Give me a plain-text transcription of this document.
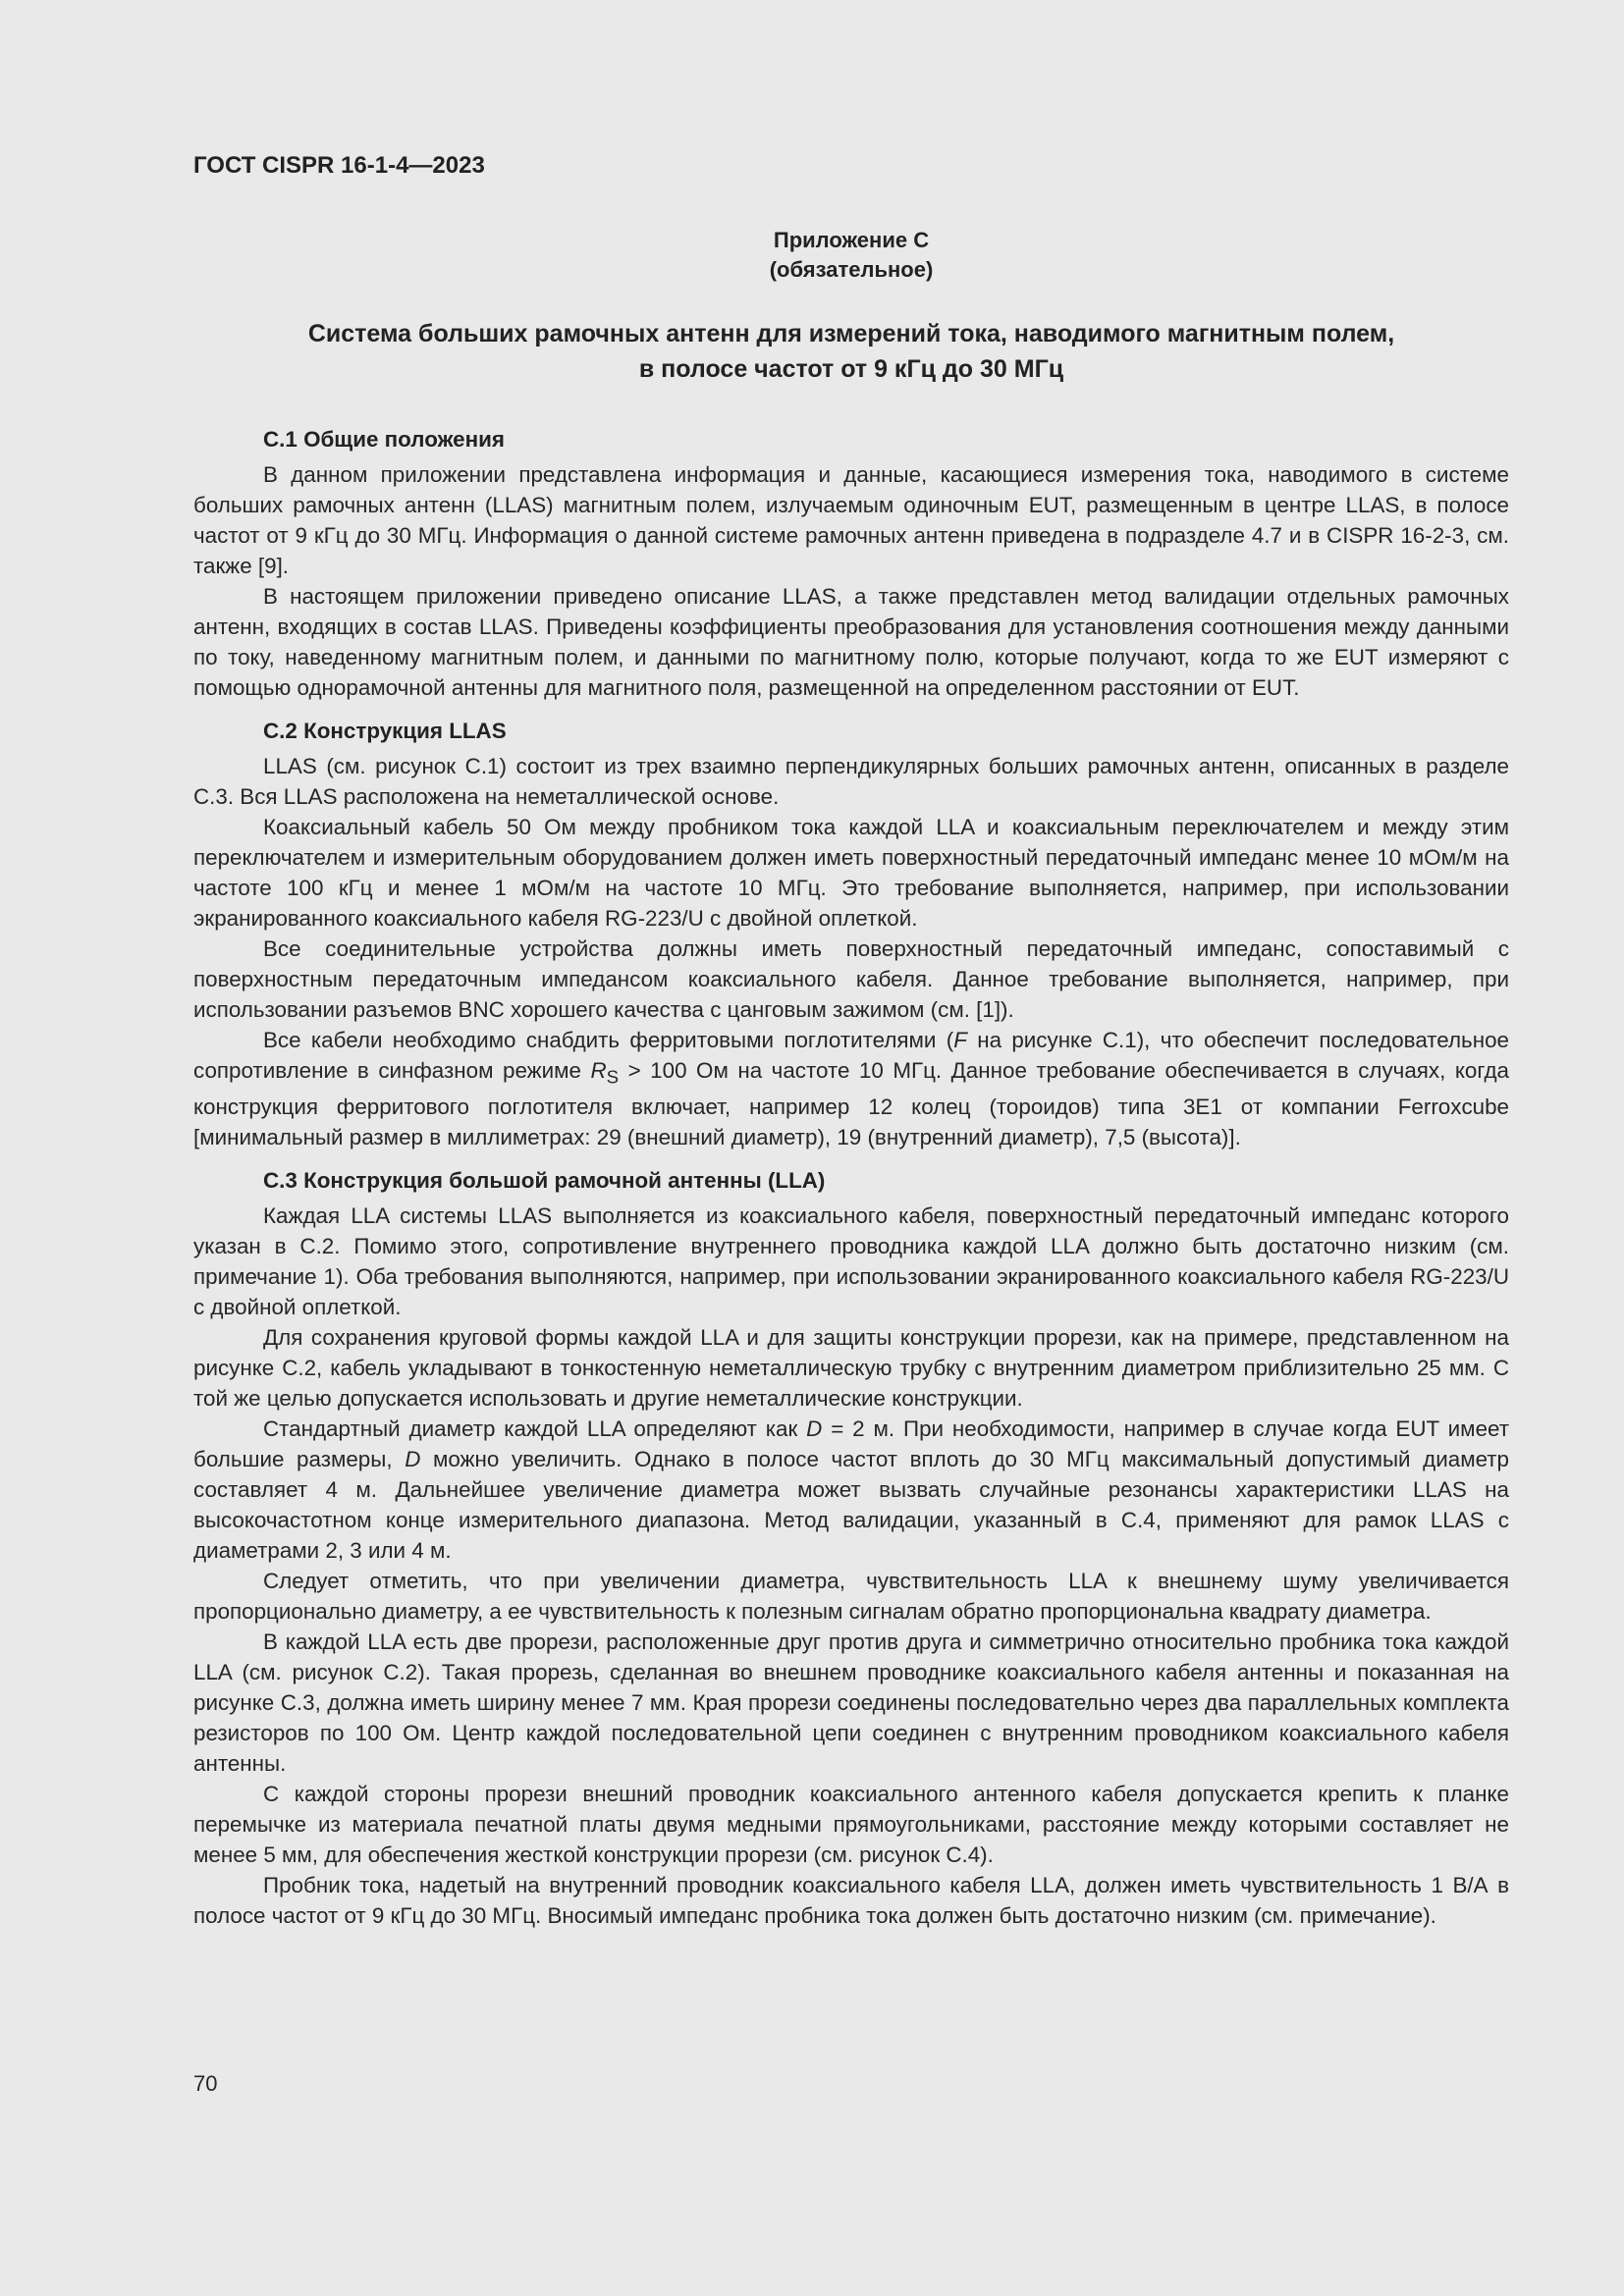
ГОСТ CISPR 16-1-4—2023
Приложение С
(обязательное)
Система больших рамочных антенн для измерений тока, наводимого магнитным полем,
в полосе частот от 9 кГц до 30 МГц
С.1 Общие положения

В данном приложении представлена информация и данные, касающиеся измерения тока, наводимого в системе больших рамочных антенн (LLAS) магнитным полем, излучаемым одиночным EUT, размещенным в центре LLAS, в полосе частот от 9 кГц до 30 МГц. Информация о данной системе рамочных антенн приведена в подразделе 4.7 и в CISPR 16-2-3, см. также [9].

В настоящем приложении приведено описание LLAS, а также представлен метод валидации отдельных рамочных антенн, входящих в состав LLAS. Приведены коэффициенты преобразования для установления соотношения между данными по току, наведенному магнитным полем, и данными по магнитному полю, которые получают, когда то же EUT измеряют с помощью однорамочной антенны для магнитного поля, размещенной на определенном расстоянии от EUT.

С.2 Конструкция LLAS

LLAS (см. рисунок С.1) состоит из трех взаимно перпендикулярных больших рамочных антенн, описанных в разделе С.3. Вся LLAS расположена на неметаллической основе.

Коаксиальный кабель 50 Ом между пробником тока каждой LLA и коаксиальным переключателем и между этим переключателем и измерительным оборудованием должен иметь поверхностный передаточный импеданс менее 10 мОм/м на частоте 100 кГц и менее 1 мОм/м на частоте 10 МГц. Это требование выполняется, например, при использовании экранированного коаксиального кабеля RG-223/U с двойной оплеткой.

Все соединительные устройства должны иметь поверхностный передаточный импеданс, сопоставимый с поверхностным передаточным импедансом коаксиального кабеля. Данное требование выполняется, например, при использовании разъемов BNC хорошего качества с цанговым зажимом (см. [1]).

Все кабели необходимо снабдить ферритовыми поглотителями (F на рисунке С.1), что обеспечит последовательное сопротивление в синфазном режиме $R_S > 100$ Ом на частоте 10 МГц. Данное требование обеспечивается в случаях, когда конструкция ферритового поглотителя включает, например 12 колец (тороидов) типа 3Е1 от компании Ferroxcube [минимальный размер в миллиметрах: 29 (внешний диаметр), 19 (внутренний диаметр), 7,5 (высота)].

С.3 Конструкция большой рамочной антенны (LLA)

Каждая LLA системы LLAS выполняется из коаксиального кабеля, поверхностный передаточный импеданс которого указан в С.2. Помимо этого, сопротивление внутреннего проводника каждой LLA должно быть достаточно низким (см. примечание 1). Оба требования выполняются, например, при использовании экранированного коаксиального кабеля RG-223/U с двойной оплеткой.

Для сохранения круговой формы каждой LLA и для защиты конструкции прорези, как на примере, представленном на рисунке С.2, кабель укладывают в тонкостенную неметаллическую трубку с внутренним диаметром приблизительно 25 мм. С той же целью допускается использовать и другие неметаллические конструкции.

Стандартный диаметр каждой LLA определяют как D = 2 м. При необходимости, например в случае когда EUT имеет большие размеры, D можно увеличить. Однако в полосе частот вплоть до 30 МГц максимальный допустимый диаметр составляет 4 м. Дальнейшее увеличение диаметра может вызвать случайные резонансы характеристики LLAS на высокочастотном конце измерительного диапазона. Метод валидации, указанный в С.4, применяют для рамок LLAS с диаметрами 2, 3 или 4 м.

Следует отметить, что при увеличении диаметра, чувствительность LLA к внешнему шуму увеличивается пропорционально диаметру, а ее чувствительность к полезным сигналам обратно пропорциональна квадрату диаметра.

В каждой LLA есть две прорези, расположенные друг против друга и симметрично относительно пробника тока каждой LLA (см. рисунок С.2). Такая прорезь, сделанная во внешнем проводнике коаксиального кабеля антенны и показанная на рисунке С.3, должна иметь ширину менее 7 мм. Края прорези соединены последовательно через два параллельных комплекта резисторов по 100 Ом. Центр каждой последовательной цепи соединен с внутренним проводником коаксиального кабеля антенны.

С каждой стороны прорези внешний проводник коаксиального антенного кабеля допускается крепить к планке перемычке из материала печатной платы двумя медными прямоугольниками, расстояние между которыми составляет не менее 5 мм, для обеспечения жесткой конструкции прорези (см. рисунок С.4).

Пробник тока, надетый на внутренний проводник коаксиального кабеля LLA, должен иметь чувствительность 1 В/А в полосе частот от 9 кГц до 30 МГц. Вносимый импеданс пробника тока должен быть достаточно низким (см. примечание).

70
